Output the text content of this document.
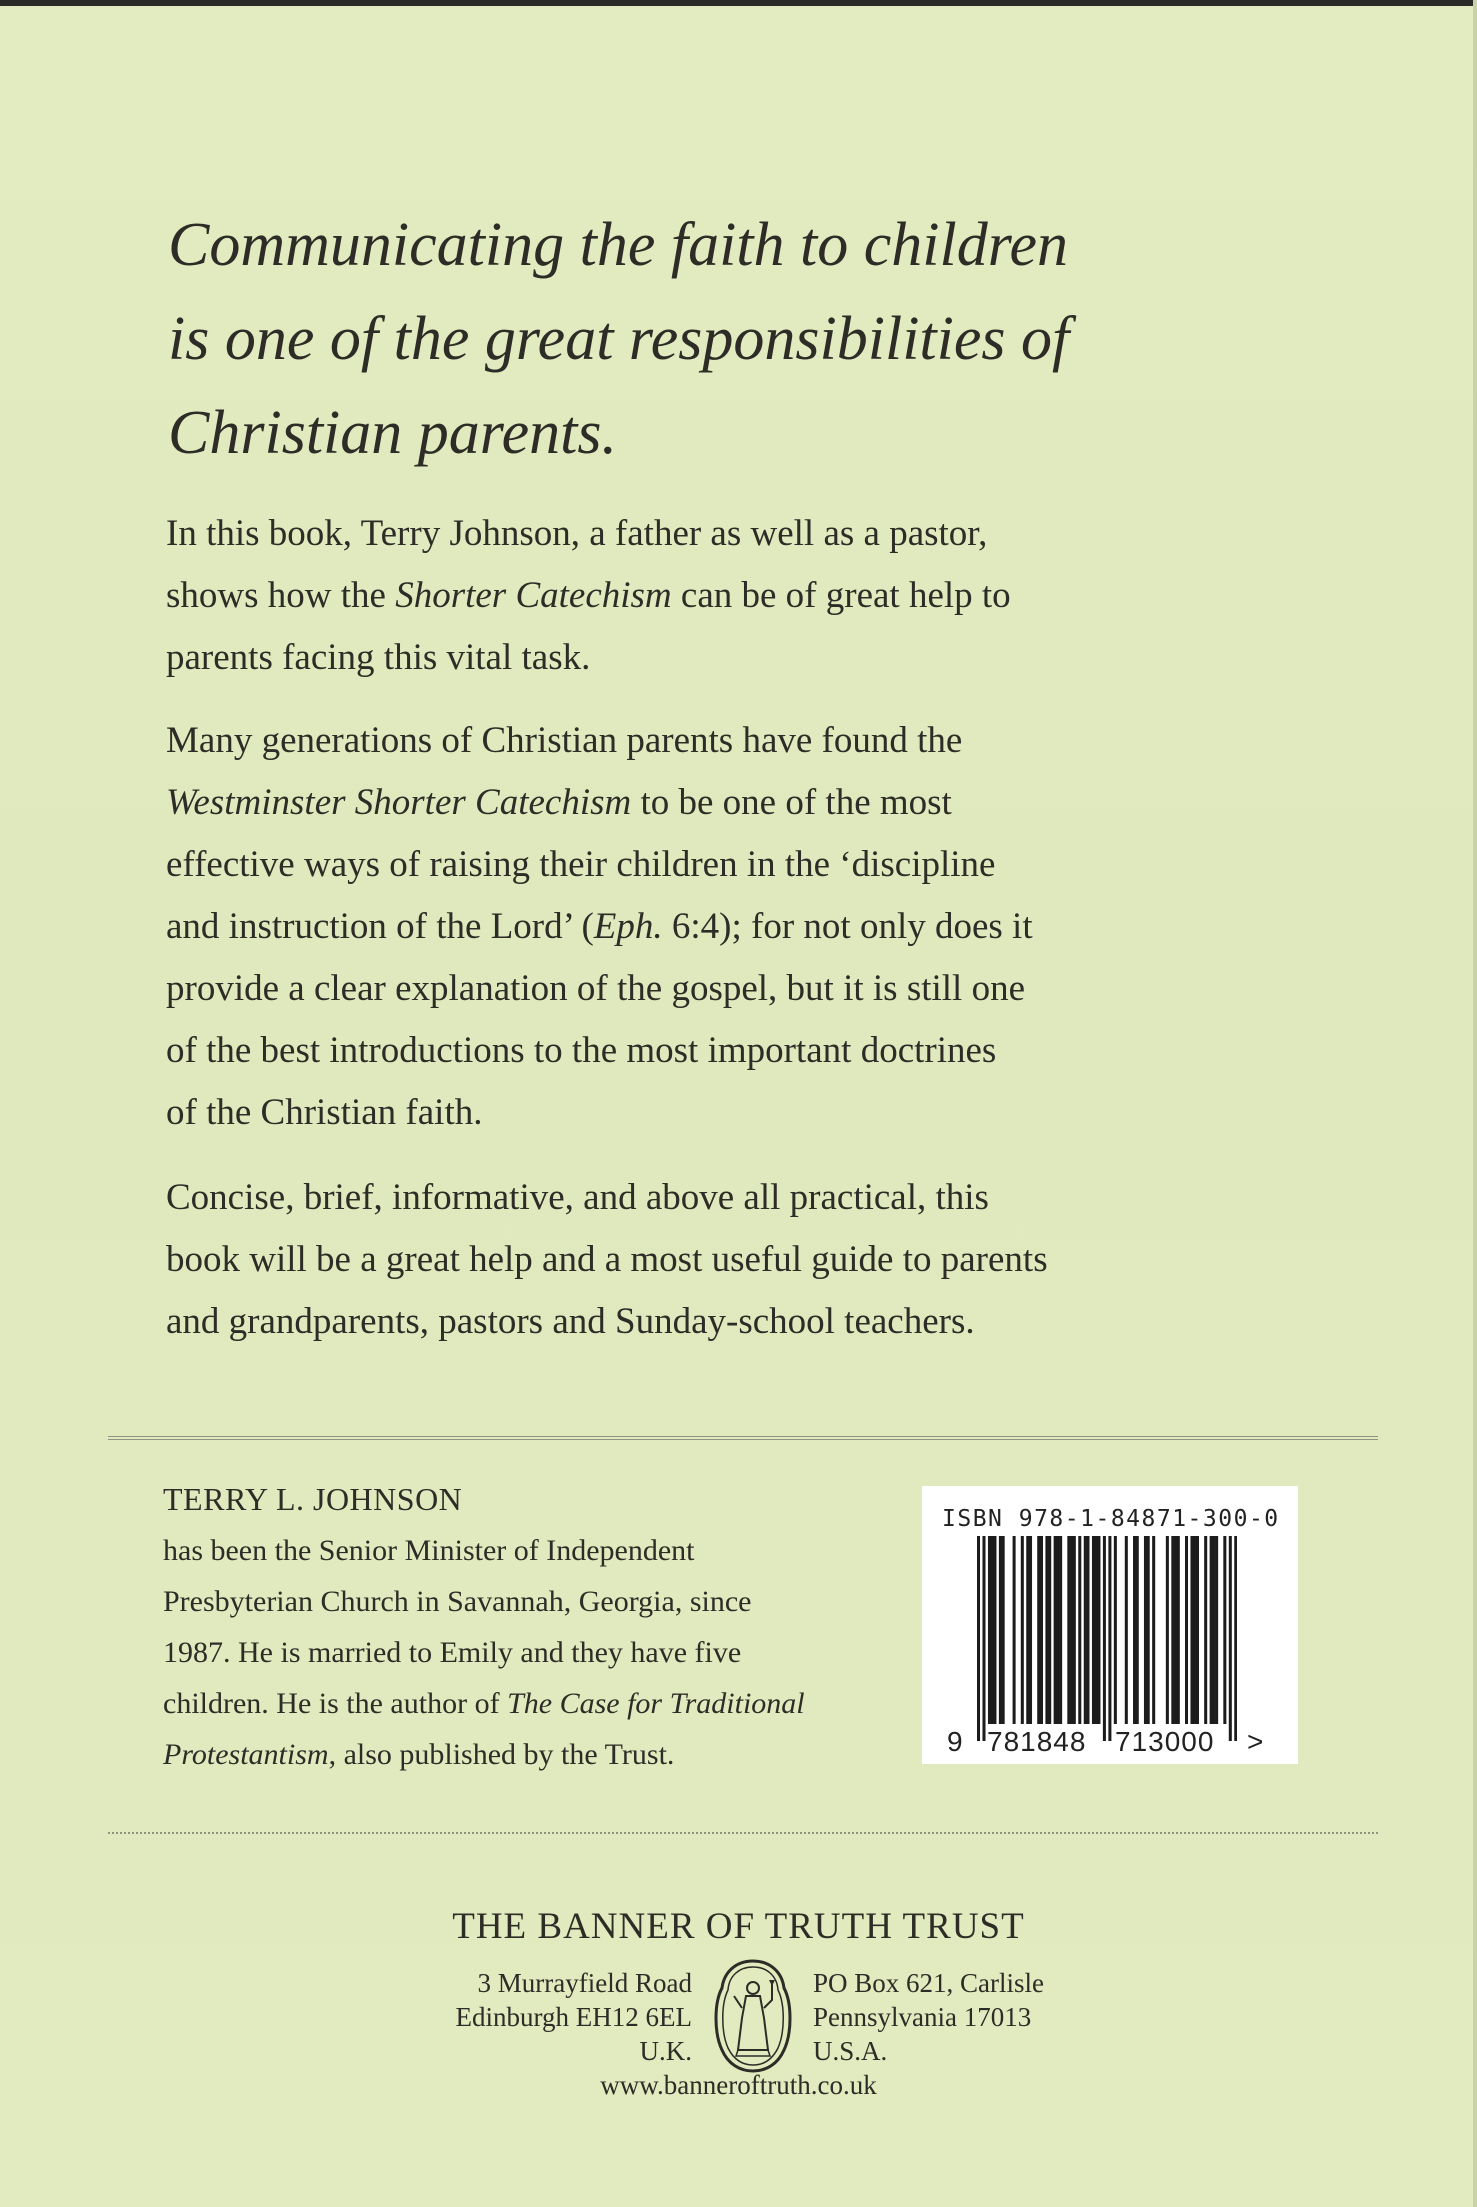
Communicating the faith to children
is one of the great responsibilities of
Christian parents.
In this book, Terry Johnson, a father as well as a pastor,
shows how the Shorter Catechism can be of great help to
parents facing this vital task.
Many generations of Christian parents have found the
Westminster Shorter Catechism to be one of the most
effective ways of raising their children in the ‘discipline
and instruction of the Lord’ (Eph. 6:4); for not only does it
provide a clear explanation of the gospel, but it is still one
of the best introductions to the most important doctrines
of the Christian faith.
Concise, brief, informative, and above all practical, this
book will be a great help and a most useful guide to parents
and grandparents, pastors and Sunday-school teachers.
TERRY L. JOHNSON
has been the Senior Minister of Independent
Presbyterian Church in Savannah, Georgia, since
1987. He is married to Emily and they have five
children. He is the author of The Case for Traditional
Protestantism, also published by the Trust.
ISBN 978-1-84871-300-0
9 781848 713000 >
THE BANNER OF TRUTH TRUST
3 Murrayfield Road
Edinburgh EH12 6EL
U.K.
PO Box 621, Carlisle
Pennsylvania 17013
U.S.A.
www.banneroftruth.co.uk
